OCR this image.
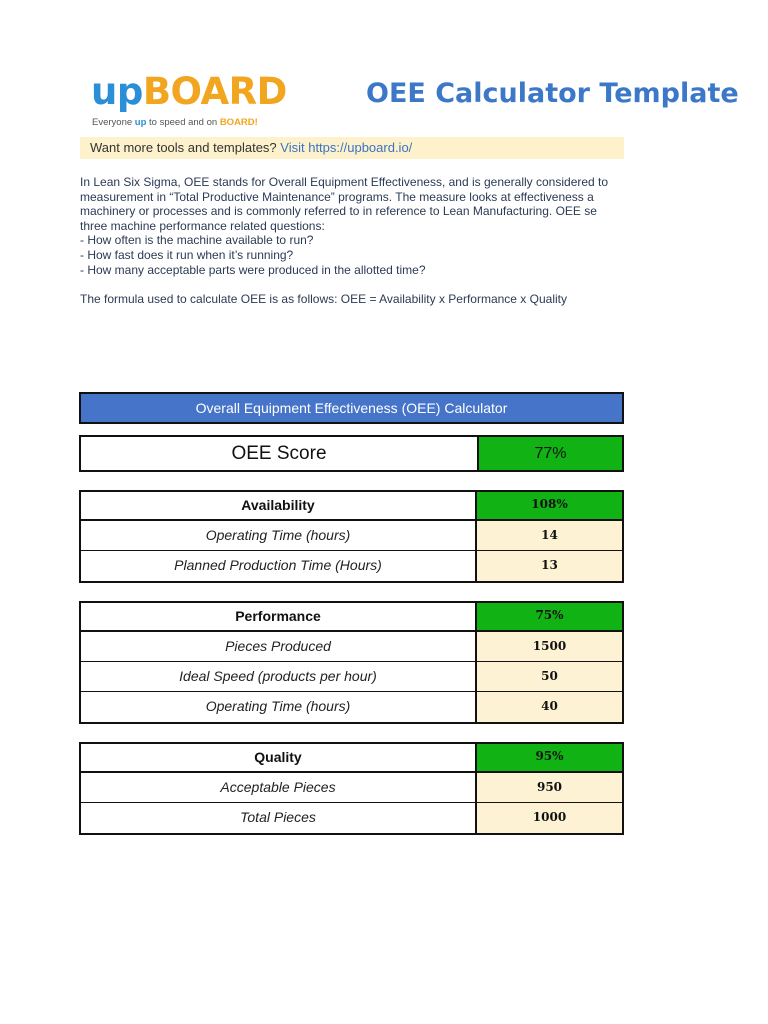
upBOARD
Everyone up to speed and on BOARD!
OEE Calculator Template
Want more tools and templates? Visit https://upboard.io/
In Lean Six Sigma, OEE stands for Overall Equipment Effectiveness, and is generally considered to
measurement in “Total Productive Maintenance” programs. The measure looks at effectiveness a
machinery or processes and is commonly referred to in reference to Lean Manufacturing. OEE se
three machine performance related questions:
- How often is the machine available to run?
- How fast does it run when it’s running?
- How many acceptable parts were produced in the allotted time?
The formula used to calculate OEE is as follows: OEE = Availability x Performance x Quality
Overall Equipment Effectiveness (OEE) Calculator
OEE Score	77%
Availability	108%
Operating Time (hours)	14
Planned Production Time (Hours)	13
Performance	75%
Pieces Produced	1500
Ideal Speed (products per hour)	50
Operating Time (hours)	40
Quality	95%
Acceptable Pieces	950
Total Pieces	1000
